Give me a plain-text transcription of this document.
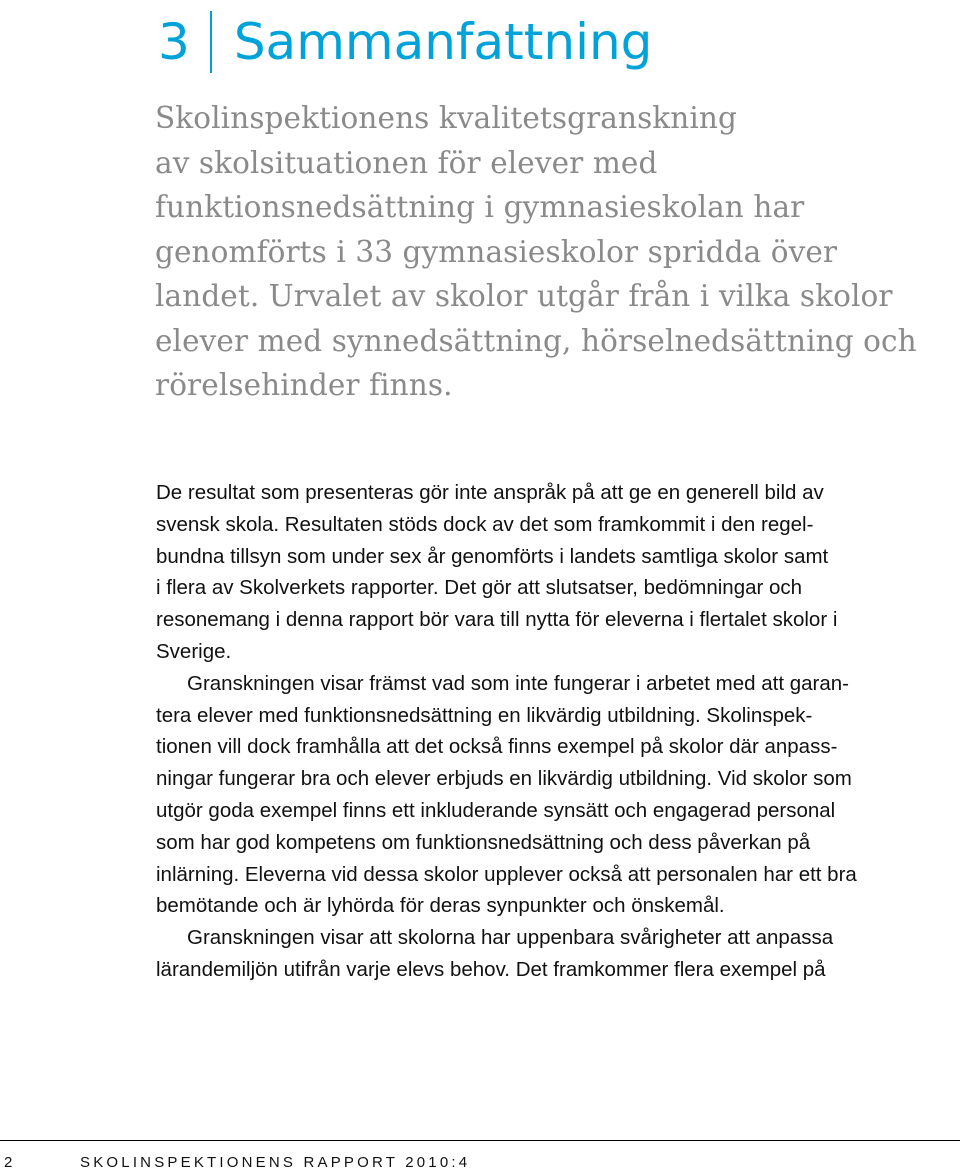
3 Sammanfattning
Skolinspektionens kvalitetsgranskning
av skolsituationen för elever med
funktionsnedsättning i gymnasieskolan har
genomförts i 33 gymnasieskolor spridda över
landet. Urvalet av skolor utgår från i vilka skolor
elever med synnedsättning, hörselnedsättning och
rörelsehinder finns.
De resultat som presenteras gör inte anspråk på att ge en generell bild av
svensk skola. Resultaten stöds dock av det som framkommit i den regel-
bundna tillsyn som under sex år genomförts i landets samtliga skolor samt
i flera av Skolverkets rapporter. Det gör att slutsatser, bedömningar och
resonemang i denna rapport bör vara till nytta för eleverna i flertalet skolor i
Sverige.
Granskningen visar främst vad som inte fungerar i arbetet med att garan-
tera elever med funktionsnedsättning en likvärdig utbildning. Skolinspek-
tionen vill dock framhålla att det också finns exempel på skolor där anpass-
ningar fungerar bra och elever erbjuds en likvärdig utbildning. Vid skolor som
utgör goda exempel finns ett inkluderande synsätt och engagerad personal
som har god kompetens om funktionsnedsättning och dess påverkan på
inlärning. Eleverna vid dessa skolor upplever också att personalen har ett bra
bemötande och är lyhörda för deras synpunkter och önskemål.
Granskningen visar att skolorna har uppenbara svårigheter att anpassa
lärandemiljön utifrån varje elevs behov. Det framkommer flera exempel på
2	SKOLINSPEKTIONENS RAPPORT 2010:4
